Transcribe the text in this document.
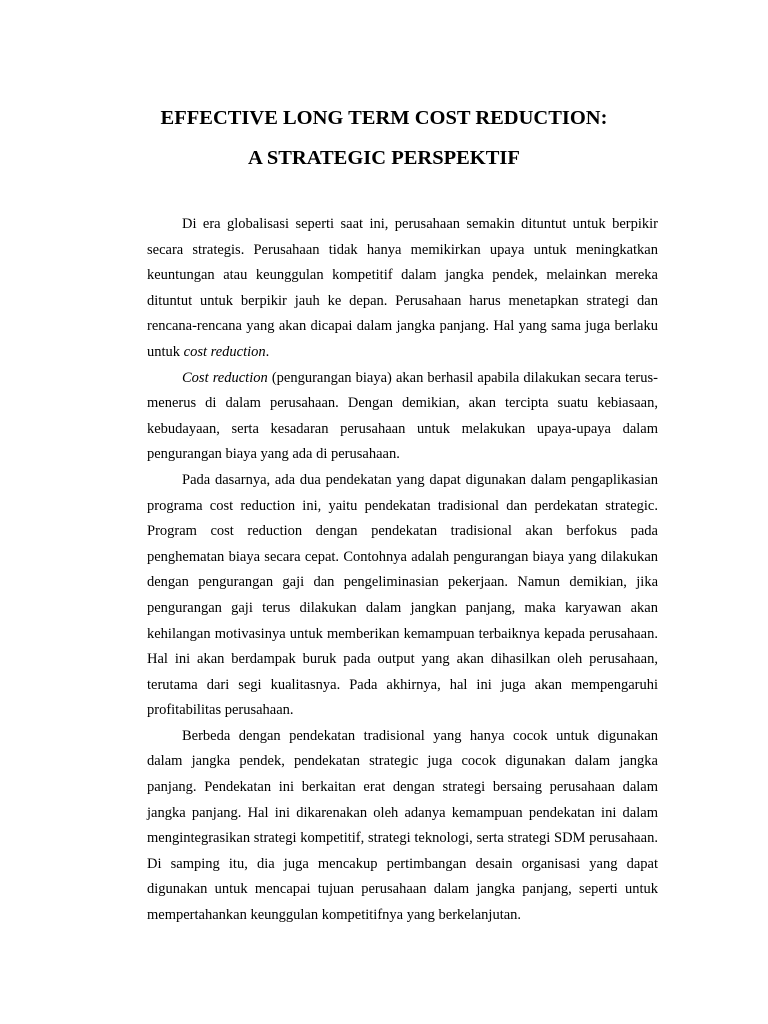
EFFECTIVE LONG TERM COST REDUCTION:
A STRATEGIC PERSPEKTIF

Di era globalisasi seperti saat ini, perusahaan semakin dituntut untuk berpikir secara strategis. Perusahaan tidak hanya memikirkan upaya untuk meningkatkan keuntungan atau keunggulan kompetitif dalam jangka pendek, melainkan mereka dituntut untuk berpikir jauh ke depan. Perusahaan harus menetapkan strategi dan rencana-rencana yang akan dicapai dalam jangka panjang. Hal yang sama juga berlaku untuk cost reduction.

Cost reduction (pengurangan biaya) akan berhasil apabila dilakukan secara terus-menerus di dalam perusahaan. Dengan demikian, akan tercipta suatu kebiasaan, kebudayaan, serta kesadaran perusahaan untuk melakukan upaya-upaya dalam pengurangan biaya yang ada di perusahaan.

Pada dasarnya, ada dua pendekatan yang dapat digunakan dalam pengaplikasian programa cost reduction ini, yaitu pendekatan tradisional dan perdekatan strategic. Program cost reduction dengan pendekatan tradisional akan berfokus pada penghematan biaya secara cepat. Contohnya adalah pengurangan biaya yang dilakukan dengan pengurangan gaji dan pengeliminasian pekerjaan. Namun demikian, jika pengurangan gaji terus dilakukan dalam jangkan panjang, maka karyawan akan kehilangan motivasinya untuk memberikan kemampuan terbaiknya kepada perusahaan. Hal ini akan berdampak buruk pada output yang akan dihasilkan oleh perusahaan, terutama dari segi kualitasnya. Pada akhirnya, hal ini juga akan mempengaruhi profitabilitas perusahaan.

Berbeda dengan pendekatan tradisional yang hanya cocok untuk digunakan dalam jangka pendek, pendekatan strategic juga cocok digunakan dalam jangka panjang. Pendekatan ini berkaitan erat dengan strategi bersaing perusahaan dalam jangka panjang. Hal ini dikarenakan oleh adanya kemampuan pendekatan ini dalam mengintegrasikan strategi kompetitif, strategi teknologi, serta strategi SDM perusahaan. Di samping itu, dia juga mencakup pertimbangan desain organisasi yang dapat digunakan untuk mencapai tujuan perusahaan dalam jangka panjang, seperti untuk mempertahankan keunggulan kompetitifnya yang berkelanjutan.
